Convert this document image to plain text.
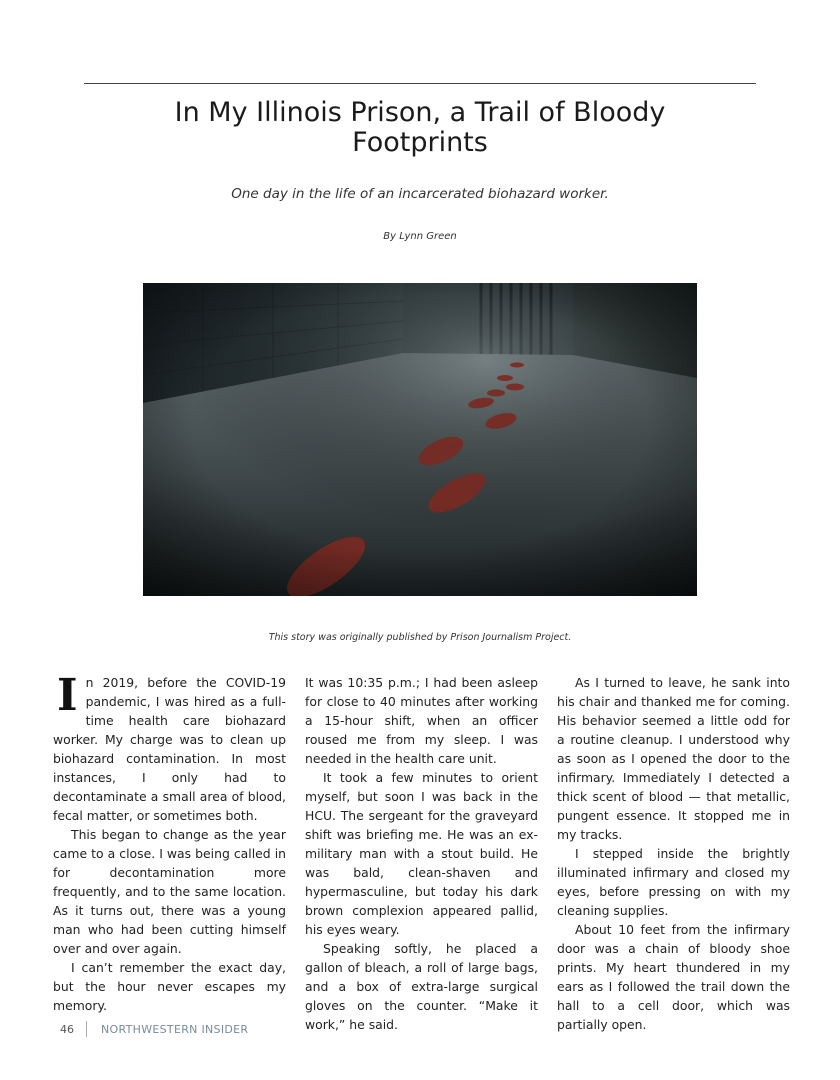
In My Illinois Prison, a Trail of Bloody Footprints
One day in the life of an incarcerated biohazard worker.
By Lynn Green
This story was originally published by Prison Journalism Project.

In 2019, before the COVID-19 pandemic, I was hired as a full-time health care biohazard worker. My charge was to clean up biohazard contamination. In most instances, I only had to decontaminate a small area of blood, fecal matter, or sometimes both.

This began to change as the year came to a close. I was being called in for decontamination more frequently, and to the same location. As it turns out, there was a young man who had been cutting himself over and over again.

I can’t remember the exact day, but the hour never escapes my memory.

It was 10:35 p.m.; I had been asleep for close to 40 minutes after working a 15-hour shift, when an officer roused me from my sleep. I was needed in the health care unit.

It took a few minutes to orient myself, but soon I was back in the HCU. The sergeant for the graveyard shift was briefing me. He was an ex-military man with a stout build. He was bald, clean-shaven and hypermasculine, but today his dark brown complexion appeared pallid, his eyes weary.

Speaking softly, he placed a gallon of bleach, a roll of large bags, and a box of extra-large surgical gloves on the counter. “Make it work,” he said.

As I turned to leave, he sank into his chair and thanked me for coming. His behavior seemed a little odd for a routine cleanup. I understood why as soon as I opened the door to the infirmary. Immediately I detected a thick scent of blood — that metallic, pungent essence. It stopped me in my tracks.

I stepped inside the brightly illuminated infirmary and closed my eyes, before pressing on with my cleaning supplies.

About 10 feet from the infirmary door was a chain of bloody shoe prints. My heart thundered in my ears as I followed the trail down the hall to a cell door, which was partially open.

46 NORTHWESTERN INSIDER
